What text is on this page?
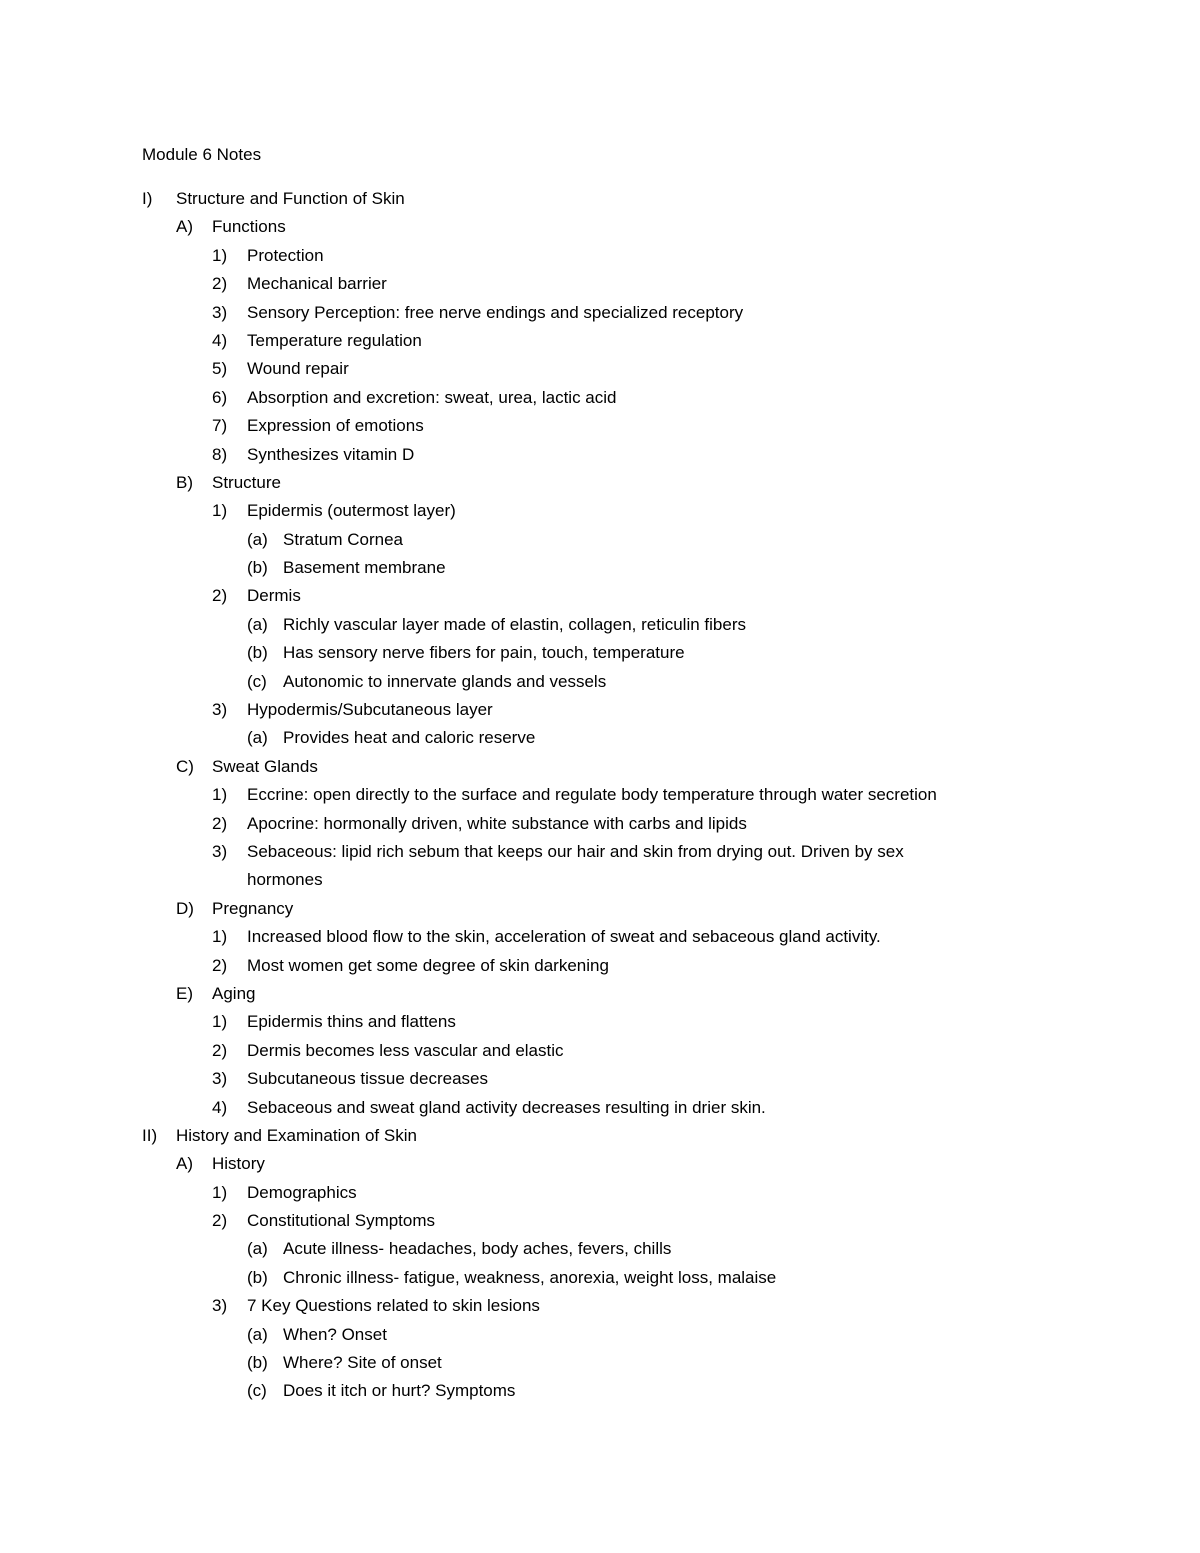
Module 6 Notes
I) Structure and Function of Skin
A) Functions
1) Protection
2) Mechanical barrier
3) Sensory Perception: free nerve endings and specialized receptory
4) Temperature regulation
5) Wound repair
6) Absorption and excretion: sweat, urea, lactic acid
7) Expression of emotions
8) Synthesizes vitamin D
B) Structure
1) Epidermis (outermost layer)
(a) Stratum Cornea
(b) Basement membrane
2) Dermis
(a) Richly vascular layer made of elastin, collagen, reticulin fibers
(b) Has sensory nerve fibers for pain, touch, temperature
(c) Autonomic to innervate glands and vessels
3) Hypodermis/Subcutaneous layer
(a) Provides heat and caloric reserve
C) Sweat Glands
1) Eccrine: open directly to the surface and regulate body temperature through water secretion
2) Apocrine: hormonally driven, white substance with carbs and lipids
3) Sebaceous: lipid rich sebum that keeps our hair and skin from drying out. Driven by sex
hormones
D) Pregnancy
1) Increased blood flow to the skin, acceleration of sweat and sebaceous gland activity.
2) Most women get some degree of skin darkening
E) Aging
1) Epidermis thins and flattens
2) Dermis becomes less vascular and elastic
3) Subcutaneous tissue decreases
4) Sebaceous and sweat gland activity decreases resulting in drier skin.
II) History and Examination of Skin
A) History
1) Demographics
2) Constitutional Symptoms
(a) Acute illness- headaches, body aches, fevers, chills
(b) Chronic illness- fatigue, weakness, anorexia, weight loss, malaise
3) 7 Key Questions related to skin lesions
(a) When? Onset
(b) Where? Site of onset
(c) Does it itch or hurt? Symptoms
